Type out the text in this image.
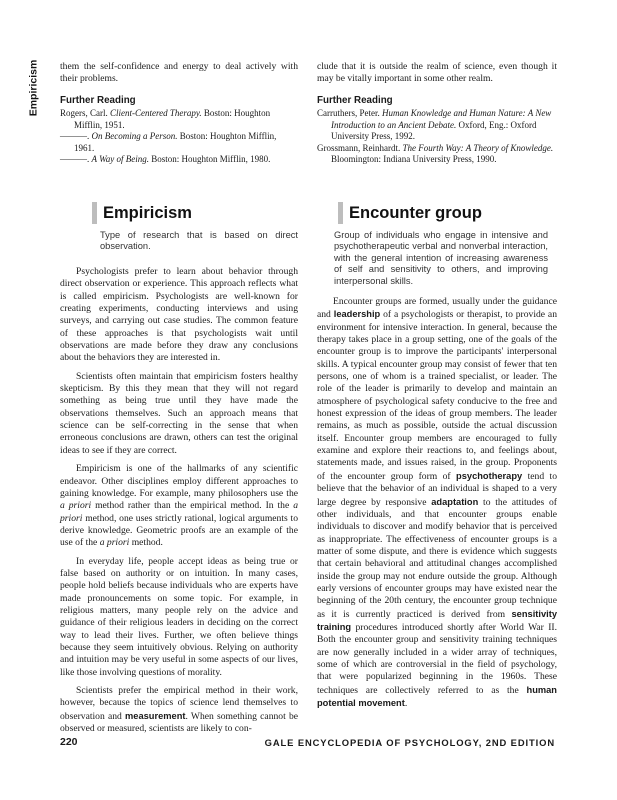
Empiricism them the self-confidence and energy to deal actively with their problems.

Further Reading

Rogers, Carl. Client-Centered Therapy. Boston: Houghton Mifflin, 1951.

———. On Becoming a Person. Boston: Houghton Mifflin, 1961.

———. A Way of Being. Boston: Houghton Mifflin, 1980.

clude that it is outside the realm of science, even though it may be vitally important in some other realm.

Further Reading

Carruthers, Peter. Human Knowledge and Human Nature: A New Introduction to an Ancient Debate. Oxford, Eng.: Oxford University Press, 1992.

Grossmann, Reinhardt. The Fourth Way: A Theory of Knowledge. Bloomington: Indiana University Press, 1990.

Empiricism
Type of research that is based on direct observation.

Psychologists prefer to learn about behavior through direct observation or experience. This approach reflects what is called empiricism. Psychologists are well-known for creating experiments, conducting interviews and using surveys, and carrying out case studies. The common feature of these approaches is that psychologists wait until observations are made before they draw any conclusions about the behaviors they are interested in.

Scientists often maintain that empiricism fosters healthy skepticism. By this they mean that they will not regard something as being true until they have made the observations themselves. Such an approach means that science can be self-correcting in the sense that when erroneous conclusions are drawn, others can test the original ideas to see if they are correct.

Empiricism is one of the hallmarks of any scientific endeavor. Other disciplines employ different approaches to gaining knowledge. For example, many philosophers use the a priori method rather than the empirical method. In the a priori method, one uses strictly rational, logical arguments to derive knowledge. Geometric proofs are an example of the use of the a priori method.

In everyday life, people accept ideas as being true or false based on authority or on intuition. In many cases, people hold beliefs because individuals who are experts have made pronouncements on some topic. For example, in religious matters, many people rely on the advice and guidance of their religious leaders in deciding on the correct way to lead their lives. Further, we often believe things because they seem intuitively obvious. Relying on authority and intuition may be very useful in some aspects of our lives, like those involving questions of morality.

Scientists prefer the empirical method in their work, however, because the topics of science lend themselves to observation and measurement. When something cannot be observed or measured, scientists are likely to con-

Encounter group
Group of individuals who engage in intensive and psychotherapeutic verbal and nonverbal interaction, with the general intention of increasing awareness of self and sensitivity to others, and improving interpersonal skills.

Encounter groups are formed, usually under the guidance and leadership of a psychologists or therapist, to provide an environment for intensive interaction. In general, because the therapy takes place in a group setting, one of the goals of the encounter group is to improve the participants' interpersonal skills. A typical encounter group may consist of fewer that ten persons, one of whom is a trained specialist, or leader. The role of the leader is primarily to develop and maintain an atmosphere of psychological safety conducive to the free and honest expression of the ideas of group members. The leader remains, as much as possible, outside the actual discussion itself. Encounter group members are encouraged to fully examine and explore their reactions to, and feelings about, statements made, and issues raised, in the group. Proponents of the encounter group form of psychotherapy tend to believe that the behavior of an individual is shaped to a very large degree by responsive adaptation to the attitudes of other individuals, and that encounter groups enable individuals to discover and modify behavior that is perceived as inappropriate. The effectiveness of encounter groups is a matter of some dispute, and there is evidence which suggests that certain behavioral and attitudinal changes accomplished inside the group may not endure outside the group. Although early versions of encounter groups may have existed near the beginning of the 20th century, the encounter group technique as it is currently practiced is derived from sensitivity training procedures introduced shortly after World War II. Both the encounter group and sensitivity training techniques are now generally included in a wider array of techniques, some of which are controversial in the field of psychology, that were popularized beginning in the 1960s. These techniques are collectively referred to as the human potential movement.

220	GALE ENCYCLOPEDIA OF PSYCHOLOGY, 2ND EDITION
